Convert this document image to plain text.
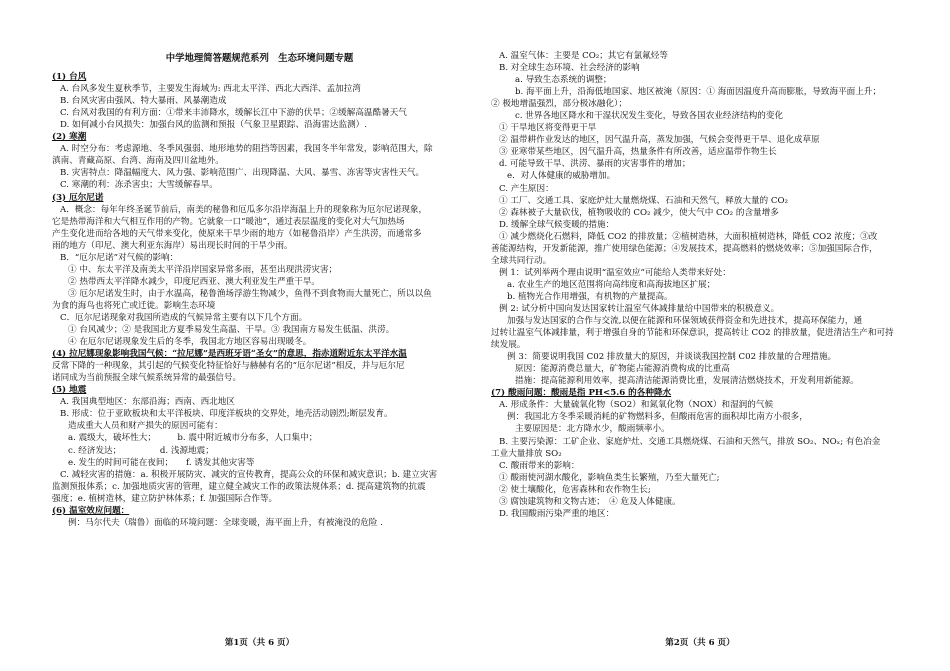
中学地理简答题规范系列　生态环境问题专题
(1) 台风
A. 台风多发生夏秋季节，主要发生海域为: 西北太平洋、西北大西洋、孟加拉湾
B. 台风灾害由强风、特大暴雨、风暴潮造成
C. 台风对我国的有利方面：①带来丰沛降水，缓解长江中下游的伏旱；②缓解高温酷暑天气
D. 如何减小台风损失：加强台风的监测和预报（气象卫星跟踪、沿海雷达监测）.
(2) 寒潮
A. 时空分布：考虑源地、冬季风强弱、地形地势的阻挡等因素，我国冬半年常发，影响范围大，除
滇南、青藏高原、台湾、海南及四川盆地外。
B. 灾害特点：降温幅度大、风力强、影响范围广、出现降温、大风、暴雪、冻害等灾害性天气。
C. 寒潮的利：冻杀害虫；大雪缓解春旱。
(3) 厄尔尼诺
A．概念：每年年终圣诞节前后，南美的秘鲁和厄瓜多尔沿岸海温上升的现象称为厄尔尼诺现象，
它是热带海洋和大气相互作用的产物。它就象一口“暖池”，通过表层温度的变化对大气加热场
产生变化进而给各地的天气带来变化，使原来干旱少雨的地方（如秘鲁沿岸）产生洪涝，而通常多
雨的地方（印尼、澳大利亚东海岸）易出现长时间的干旱少雨。
B．“厄尔尼诺”对气候的影响：
① 中、东太平洋及南美太平洋沿岸国家异常多雨，甚至出现洪涝灾害；
② 热带西太平洋降水减少，印度尼西亚、澳大利亚发生严重干旱。
③ 厄尔尼诺发生时，由于水温高，秘鲁渔场浮游生物减少，鱼得不到食物而大量死亡，所以以鱼
为食的海鸟也将死亡或迁徙。影响生态环境
C．厄尔尼诺现象对我国所造成的气候异常主要有以下几个方面。
① 台风减少；② 是我国北方夏季易发生高温、干旱。③ 我国南方易发生低温、洪涝。
④ 在厄尔尼诺现象发生后的冬季，我国北方地区容易出现暖冬。
(4) 拉尼娜现象影响我国气候：“拉尼娜”是西班牙语“圣女”的意思，指赤道附近东太平洋水温
反常下降的一种现象，其引起的气候变化特征恰好与赫赫有名的“厄尔尼诺”相反，并与厄尔尼
诺同成为当前预报全球气候系统异常的最强信号。
(5) 地震
A. 我国典型地区：东部沿海；西南、西北地区
B. 形成：位于亚欧板块和太平洋板块、印度洋板块的交界处，地壳活动剧烈;断层发育。
造成重大人员和财产损失的原因可能有：
a. 震级大，破坏性大；　　　b. 震中附近城市分布多，人口集中；
c. 经济发达；　　　　　d. 浅源地震；
e. 发生的时间可能在夜间；　　f. 诱发其他灾害等
C. 减轻灾害的措施：a. 积极开展防灾、减灾的宣传教育，提高公众的环保和减灾意识；b. 建立灾害
监测预报体系；c. 加强地质灾害的管理，建立健全减灾工作的政策法规体系；d. 提高建筑物的抗震
强度；e. 植树造林，建立防护林体系；f. 加强国际合作等。
(6) 温室效应问题：
例：马尔代夫（瑞鲁）面临的环境问题：全球变暖，海平面上升，有被淹没的危险 .
A. 温室气体：主要是 CO₂；其它有氯氟烃等
B. 对全球生态环境、社会经济的影响
a. 导致生态系统的调整；
b. 海平面上升，沿海低地国家、地区被淹（原因：① 海面因温度升高而膨胀，导致海平面上升；
② 极地增温强烈，部分极冰融化）；
c. 世界各地区降水和干湿状况发生变化，导致各国农业经济结构的变化
① 干旱地区将变得更干旱
② 温带耕作业发达的地区，因气温升高，蒸发加强，气候会变得更干旱、退化成草原
③ 亚寒带某些地区，因气温升高，热量条件有所改善，适应温带作物生长
d. 可能导致干旱、洪涝、暴雨的灾害事件的增加；
e．对人体健康的威胁增加。
C. 产生原因：
① 工厂、交通工具、家庭炉灶大量燃烧煤、石油和天然气，释放大量的 CO₂
② 森林被子大量砍伐，植物吸收的 CO₂ 减少，使大气中 CO₂ 的含量增多
D. 缓解全球气候变暖的措施：
① 减少燃烧化石燃料，降低 CO2 的排放量；②植树造林，大面积植树造林，降低 CO2 浓度；③改
善能源结构，开发新能源，推广使用绿色能源；④发展技术，提高燃料的燃烧效率；⑤加强国际合作，
全球共同行动。
例 1：试列举两个理由说明“温室效应”可能给人类带来好处：
a. 农业生产的地区范围将向高纬度和高海拔地区扩展；
b. 植物光合作用增强，有机物的产量提高。
例 2: 试分析中国向发达国家转让温室气体减排量给中国带来的积极意义。
加强与发达国家的合作与交流,以便在能源和环保领域获得资金和先进技术，提高环保能力，通
过转让温室气体减排量，利于增强自身的节能和环保意识，提高转让 CO2 的排放量，促进清洁生产和可持
续发展。
例 3：简要说明我国 C02 排放量大的原因，并谈谈我国控制 C02 排放量的合理措施。
原因：能源消费总量大，矿物能占能源消费构成的比重高
措施：提高能源利用效率，提高清洁能源消费比重，发展清洁燃烧技术，开发利用新能源。
(7) 酸雨问题：酸雨是指 PH<5.6 的各种降水
A. 形成条件：大量硫氧化物（SO2）和氮氧化物（NOX）和湿润的气候
例：我国北方冬季采暖消耗的矿物燃料多，但酸雨危害的面积却比南方小很多，
主要原因是：北方降水少，酸雨频率小。
B. 主要污染源：工矿企业、家庭炉灶、交通工具燃烧煤、石油和天然气，排放 SO₂、NOₓ; 有色冶金
工业大量排放 SO₂
C. 酸雨带来的影响：
① 酸雨使河湖水酸化，影响鱼类生长繁殖，乃至大量死亡;
② 使土壤酸化，危害森林和农作物生长;
③ 腐蚀建筑物和文物古迹；　④ 危及人体健康。
D. 我国酸雨污染严重的地区：
第1页（共 6 页）	第2页（共 6 页）
